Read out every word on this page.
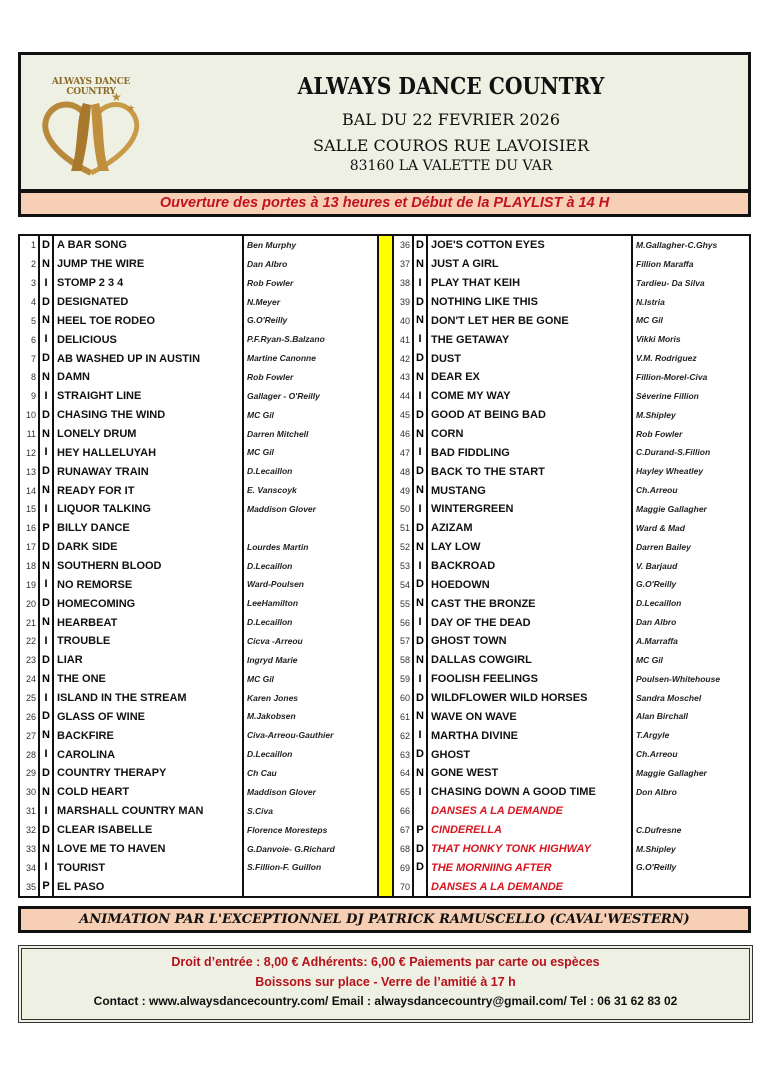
ALWAYS DANCE COUNTRY
★
★
✦
ALWAYS DANCE COUNTRY
BAL DU 22 FEVRIER 2026
SALLE COUROS RUE LAVOISIER
83160 LA VALETTE DU VAR
Ouverture des portes à 13 heures et Début de la PLAYLIST à 14 H
1 D A BAR SONG	Ben Murphy
2 N JUMP THE WIRE	Dan Albro
3 I STOMP 2 3 4	Rob Fowler
4 D DESIGNATED	N.Meyer
5 N HEEL TOE RODEO	G.O'Reilly
6 I DELICIOUS	P.F.Ryan-S.Balzano
7 D AB WASHED UP IN AUSTIN	Martine Canonne
8 N DAMN	Rob Fowler
9 I STRAIGHT LINE	Gallager - O'Reilly
10 D CHASING THE WIND	MC Gil
11 N LONELY DRUM	Darren Mitchell
12 I HEY HALLELUYAH	MC Gil
13 D RUNAWAY TRAIN	D.Lecaillon
14 N READY FOR IT	E. Vanscoyk
15 I LIQUOR TALKING	Maddison Glover
16 P BILLY DANCE
17 D DARK SIDE	Lourdes Martin
18 N SOUTHERN BLOOD	D.Lecaillon
19 I NO REMORSE	Ward-Poulsen
20 D HOMECOMING	LeeHamilton
21 N HEARBEAT	D.Lecaillon
22 I TROUBLE	Cicva -Arreou
23 D LIAR	Ingryd Marie
24 N THE ONE	MC Gil
25 I ISLAND IN THE STREAM	Karen Jones
26 D GLASS OF WINE	M.Jakobsen
27 N BACKFIRE	Civa-Arreou-Gauthier
28 I CAROLINA	D.Lecaillon
29 D COUNTRY THERAPY	Ch Cau
30 N COLD HEART	Maddison Glover
31 I MARSHALL COUNTRY MAN	S.Civa
32 D CLEAR ISABELLE	Florence Moresteps
33 N LOVE ME TO HAVEN	G.Danvoie- G.Richard
34 I TOURIST	S.Fillion-F. Guillon
35 P EL PASO
36 D JOE'S COTTON EYES	M.Gallagher-C.Ghys
37 N JUST A GIRL	Fillion Maraffa
38 I PLAY THAT KEIH	Tardieu- Da Silva
39 D NOTHING LIKE THIS	N.Istria
40 N DON'T LET HER BE GONE	MC Gil
41 I THE GETAWAY	Vikki Moris
42 D DUST	V.M. Rodriguez
43 N DEAR EX	Fillion-Morel-Civa
44 I COME MY WAY	Séverine Fillion
45 D GOOD AT BEING BAD	M.Shipley
46 N CORN	Rob Fowler
47 I BAD FIDDLING	C.Durand-S.Fillion
48 D BACK TO THE START	Hayley Wheatley
49 N MUSTANG	Ch.Arreou
50 I WINTERGREEN	Maggie Gallagher
51 D AZIZAM	Ward & Mad
52 N LAY LOW	Darren Bailey
53 I BACKROAD	V. Barjaud
54 D HOEDOWN	G.O'Reilly
55 N CAST THE BRONZE	D.Lecaillon
56 I DAY OF THE DEAD	Dan Albro
57 D GHOST TOWN	A.Marraffa
58 N DALLAS COWGIRL	MC Gil
59 I FOOLISH FEELINGS	Poulsen-Whitehouse
60 D WILDFLOWER WILD HORSES	Sandra Moschel
61 N WAVE ON WAVE	Alan Birchall
62 I MARTHA DIVINE	T.Argyle
63 D GHOST	Ch.Arreou
64 N GONE WEST	Maggie Gallagher
65 I CHASING DOWN A GOOD TIME	Don Albro
66 DANSES A LA DEMANDE
67 P CINDERELLA	C.Dufresne
68 D THAT HONKY TONK HIGHWAY	M.Shipley
69 D THE MORNIING AFTER	G.O'Reilly
70 DANSES A LA DEMANDE
ANIMATION PAR L'EXCEPTIONNEL DJ PATRICK RAMUSCELLO (CAVAL'WESTERN)
Droit d’entrée : 8,00 € Adhérents: 6,00 € Paiements par carte ou espèces
Boissons sur place - Verre de l’amitié à 17 h
Contact : www.alwaysdancecountry.com/ Email : alwaysdancecountry@gmail.com/ Tel : 06 31 62 83 02
